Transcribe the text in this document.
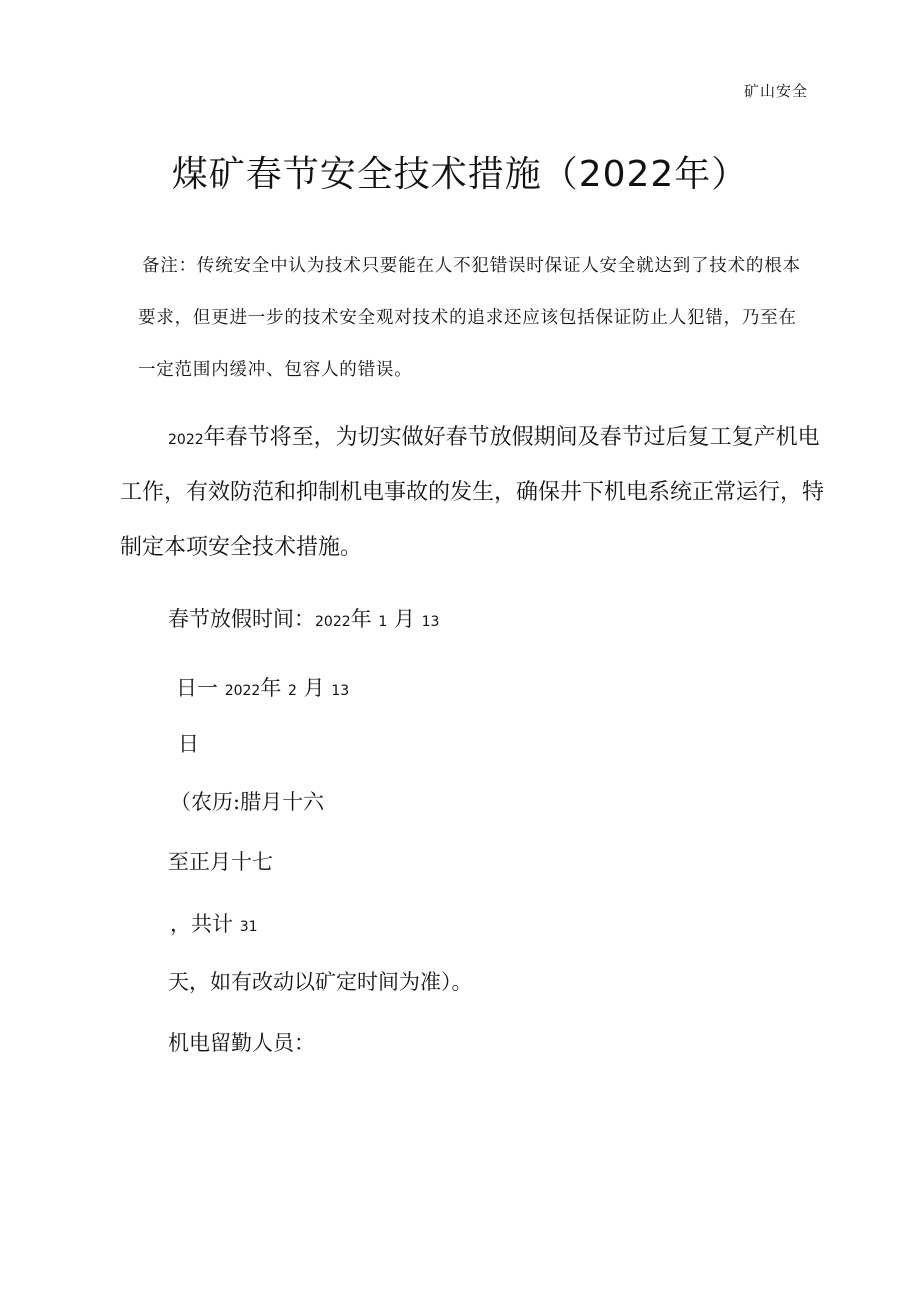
矿山安全
煤矿春节安全技术措施（2022年）
备注：传统安全中认为技术只要能在人不犯错误时保证人安全就达到了技术的根本
要求，但更进一步的技术安全观对技术的追求还应该包括保证防止人犯错，乃至在
一定范围内缓冲、包容人的错误。
2022年春节将至，为切实做好春节放假期间及春节过后复工复产机电
工作，有效防范和抑制机电事故的发生，确保井下机电系统正常运行，特
制定本项安全技术措施。
春节放假时间：2022年 1 月 13
日一 2022年 2 月 13
日
（农历:腊月十六
至正月十七
，共计 31
天，如有改动以矿定时间为准）。
机电留勤人员：
